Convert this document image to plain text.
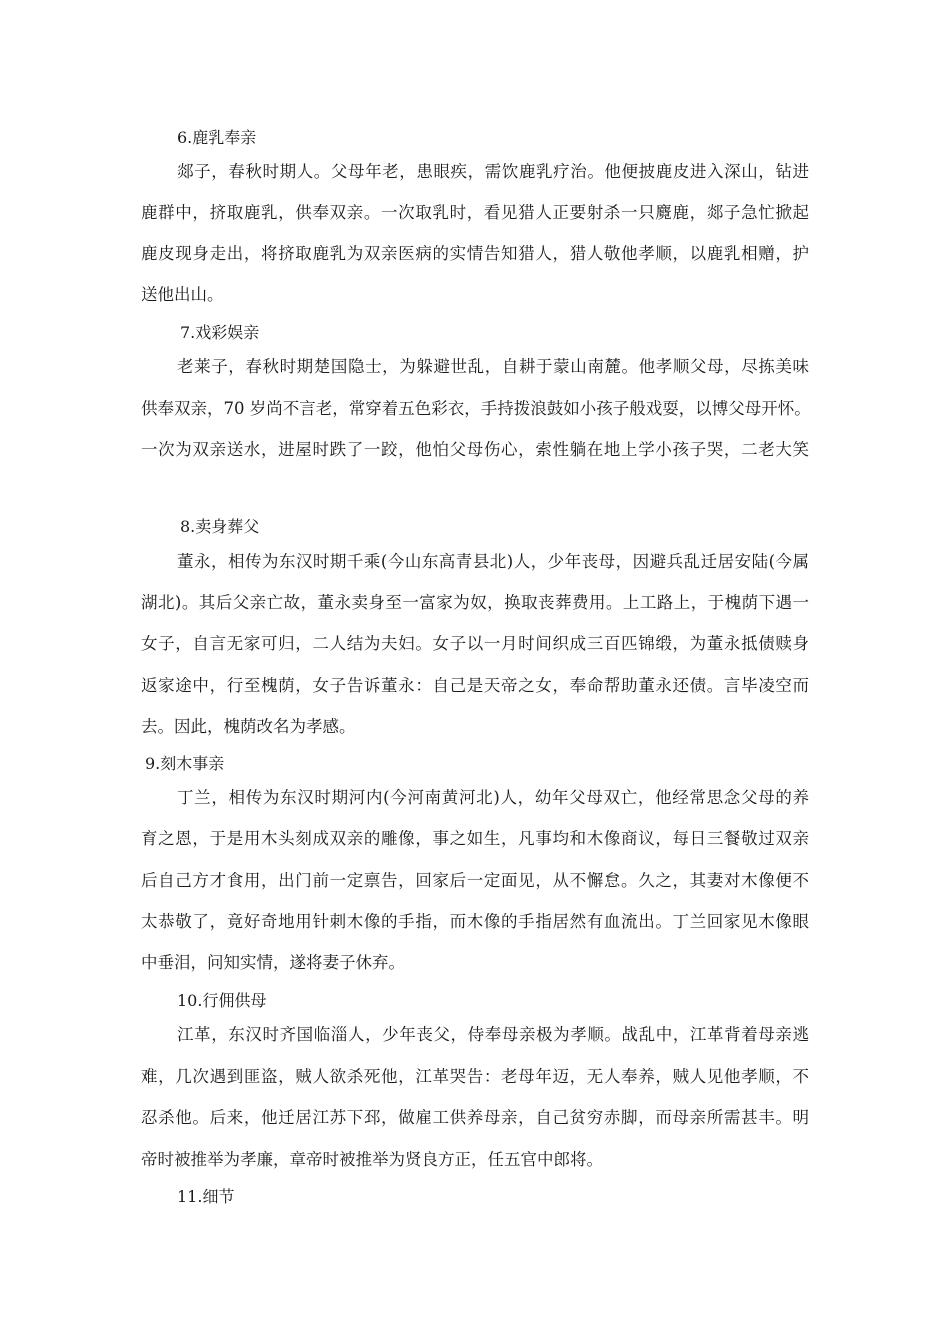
6.鹿乳奉亲
郯子，春秋时期人。父母年老，患眼疾，需饮鹿乳疗治。他便披鹿皮进入深山，钻进
鹿群中，挤取鹿乳，供奉双亲。一次取乳时，看见猎人正要射杀一只麑鹿，郯子急忙掀起
鹿皮现身走出，将挤取鹿乳为双亲医病的实情告知猎人，猎人敬他孝顺，以鹿乳相赠，护
送他出山。
7.戏彩娱亲
老莱子，春秋时期楚国隐士，为躲避世乱，自耕于蒙山南麓。他孝顺父母，尽拣美味
供奉双亲，70 岁尚不言老，常穿着五色彩衣，手持拨浪鼓如小孩子般戏耍，以博父母开怀。
一次为双亲送水，进屋时跌了一跤，他怕父母伤心，索性躺在地上学小孩子哭，二老大笑
8.卖身葬父
董永，相传为东汉时期千乘(今山东高青县北)人，少年丧母，因避兵乱迁居安陆(今属
湖北)。其后父亲亡故，董永卖身至一富家为奴，换取丧葬费用。上工路上，于槐荫下遇一
女子，自言无家可归，二人结为夫妇。女子以一月时间织成三百匹锦缎，为董永抵债赎身
返家途中，行至槐荫，女子告诉董永：自己是天帝之女，奉命帮助董永还债。言毕凌空而
去。因此，槐荫改名为孝感。
9.刻木事亲
丁兰，相传为东汉时期河内(今河南黄河北)人，幼年父母双亡，他经常思念父母的养
育之恩，于是用木头刻成双亲的雕像，事之如生，凡事均和木像商议，每日三餐敬过双亲
后自己方才食用，出门前一定禀告，回家后一定面见，从不懈怠。久之，其妻对木像便不
太恭敬了，竟好奇地用针刺木像的手指，而木像的手指居然有血流出。丁兰回家见木像眼
中垂泪，问知实情，遂将妻子休弃。
10.行佣供母
江革，东汉时齐国临淄人，少年丧父，侍奉母亲极为孝顺。战乱中，江革背着母亲逃
难，几次遇到匪盗，贼人欲杀死他，江革哭告：老母年迈，无人奉养，贼人见他孝顺，不
忍杀他。后来，他迁居江苏下邳，做雇工供养母亲，自己贫穷赤脚，而母亲所需甚丰。明
帝时被推举为孝廉，章帝时被推举为贤良方正，任五官中郎将。
11.细节
